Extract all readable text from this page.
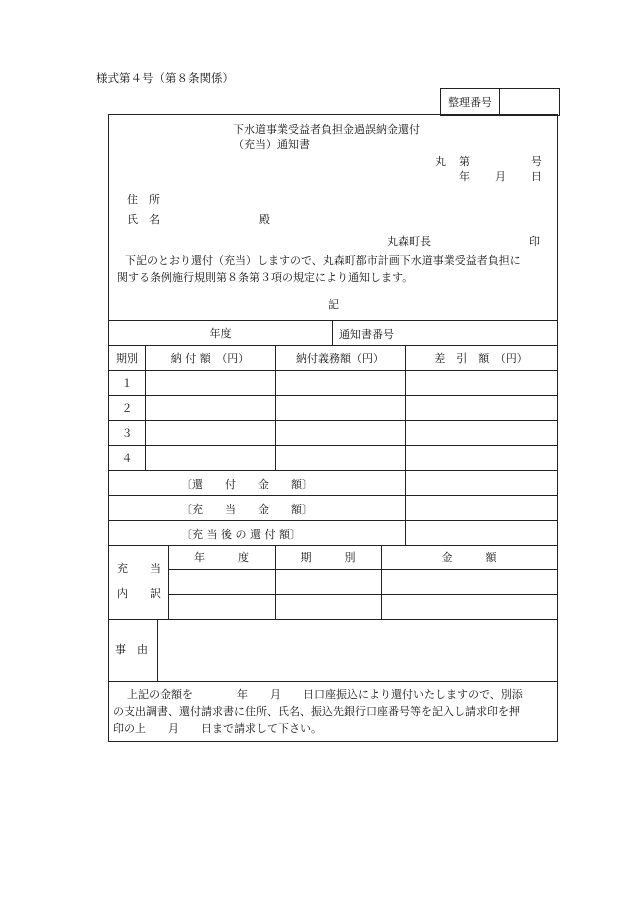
様式第４号（第８条関係）
整理番号
下水道事業受益者負担金過誤納金還付
（充当）通知書
丸 第	号
年 月 日
住　所
氏　名	殿
丸森町長	印
下記のとおり還付（充当）しますので、丸森町都市計画下水道事業受益者負担に
関する条例施行規則第８条第３項の規定により通知します。
記
年度	通知書番号
期別	納 付 額　（円）	納付義務額（円）	差　引　額　（円）
１
２
３
４
〔還　　付　　金　　額〕
〔充　　当　　金　　額〕
〔充 当 後 の 還 付 額〕
充　　当
内　　訳
年　　　度	期　　　別	金　　　額
事　由
上記の金額を　　　　年　　月　　日口座振込により還付いたしますので、別添
の支出調書、還付請求書に住所、氏名、振込先銀行口座番号等を記入し請求印を押
印の上　　月　　日まで請求して下さい。
